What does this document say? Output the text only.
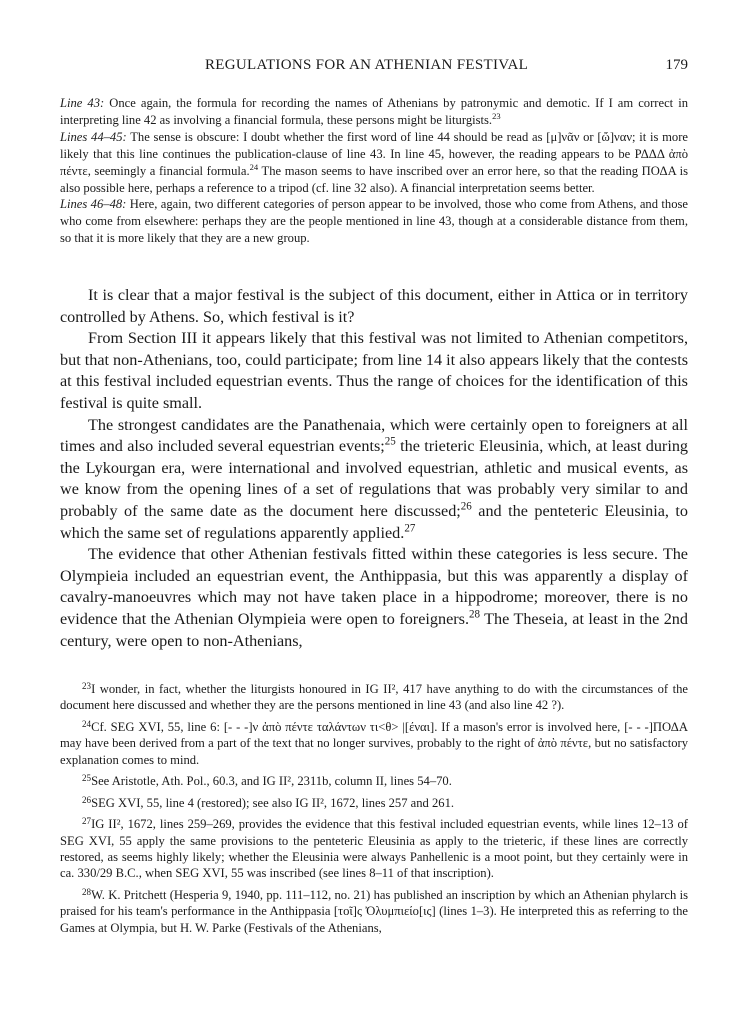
REGULATIONS FOR AN ATHENIAN FESTIVAL	179

Line 43: Once again, the formula for recording the names of Athenians by patronymic and demotic. If I am correct in interpreting line 42 as involving a financial formula, these persons might be liturgists.$^{23}$

Lines 44–45: The sense is obscure: I doubt whether the first word of line 44 should be read as [μ]νᾶν or [ὤ]ναν; it is more likely that this line continues the publication-clause of line 43. In line 45, however, the reading appears to be ΡΔΔΔ ἀπὸ πέντε, seemingly a financial formula.$^{24}$ The mason seems to have inscribed over an error here, so that the reading ΠΟΔΑ is also possible here, perhaps a reference to a tripod (cf. line 32 also). A financial interpretation seems better.

Lines 46–48: Here, again, two different categories of person appear to be involved, those who come from Athens, and those who come from elsewhere: perhaps they are the people mentioned in line 43, though at a considerable distance from them, so that it is more likely that they are a new group.

It is clear that a major festival is the subject of this document, either in Attica or in territory controlled by Athens. So, which festival is it?

From Section III it appears likely that this festival was not limited to Athenian competitors, but that non-Athenians, too, could participate; from line 14 it also appears likely that the contests at this festival included equestrian events. Thus the range of choices for the identification of this festival is quite small.

The strongest candidates are the Panathenaia, which were certainly open to foreigners at all times and also included several equestrian events;$^{25}$ the trieteric Eleusinia, which, at least during the Lykourgan era, were international and involved equestrian, athletic and musical events, as we know from the opening lines of a set of regulations that was probably very similar to and probably of the same date as the document here discussed;$^{26}$ and the penteteric Eleusinia, to which the same set of regulations apparently applied.$^{27}$

The evidence that other Athenian festivals fitted within these categories is less secure. The Olympieia included an equestrian event, the Anthippasia, but this was apparently a display of cavalry-manoeuvres which may not have taken place in a hippodrome; moreover, there is no evidence that the Athenian Olympieia were open to foreigners.$^{28}$ The Theseia, at least in the 2nd century, were open to non-Athenians,

$^{23}$I wonder, in fact, whether the liturgists honoured in IG II², 417 have anything to do with the circumstances of the document here discussed and whether they are the persons mentioned in line 43 (and also line 42 ?).

$^{24}$Cf. SEG XVI, 55, line 6: [- - -]ν ἀπὸ πέντε ταλάντων τι<θ> |[έναι]. If a mason's error is involved here, [- - -]ΠΟΔΑ may have been derived from a part of the text that no longer survives, probably to the right of ἀπὸ πέντε, but no satisfactory explanation comes to mind.

$^{25}$See Aristotle, Ath. Pol., 60.3, and IG II², 2311b, column II, lines 54–70.

$^{26}$SEG XVI, 55, line 4 (restored); see also IG II², 1672, lines 257 and 261.

$^{27}$IG II², 1672, lines 259–269, provides the evidence that this festival included equestrian events, while lines 12–13 of SEG XVI, 55 apply the same provisions to the penteteric Eleusinia as apply to the trieteric, if these lines are correctly restored, as seems highly likely; whether the Eleusinia were always Panhellenic is a moot point, but they certainly were in ca. 330/29 B.C., when SEG XVI, 55 was inscribed (see lines 8–11 of that inscription).

$^{28}$W. K. Pritchett (Hesperia 9, 1940, pp. 111–112, no. 21) has published an inscription by which an Athenian phylarch is praised for his team's performance in the Anthippasia [τοῖ]ς Ὀλυμπιείο[ις] (lines 1–3). He interpreted this as referring to the Games at Olympia, but H. W. Parke (Festivals of the Athenians,
